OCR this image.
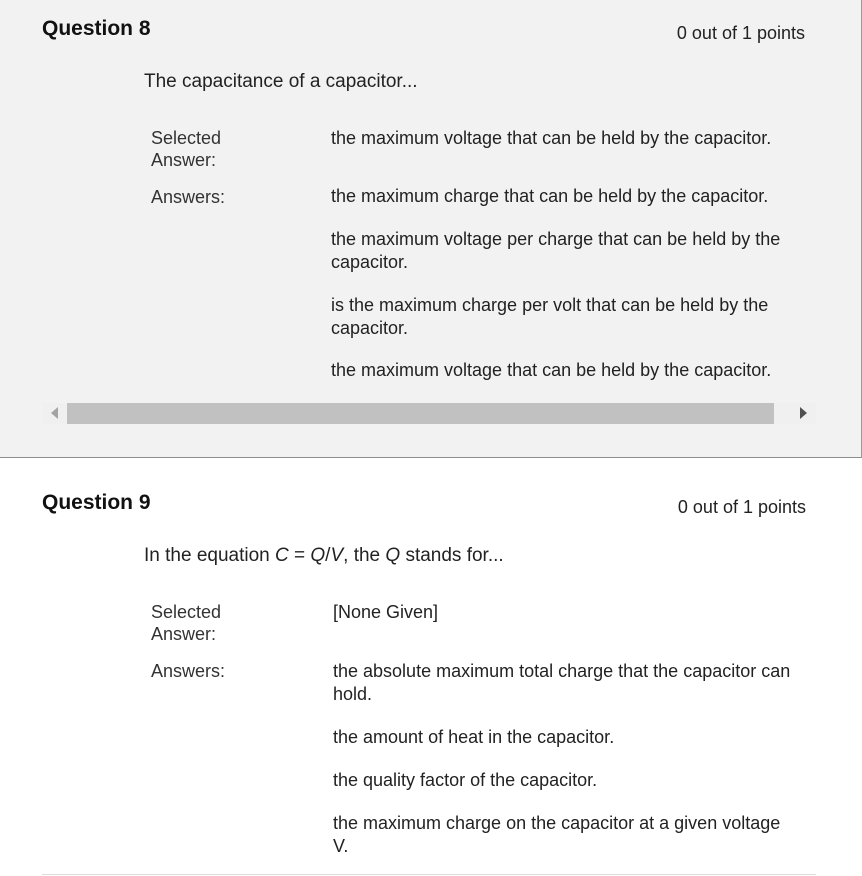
Question 8	0 out of 1 points
The capacitance of a capacitor...
Selected
Answer:
the maximum voltage that can be held by the capacitor.
Answers:	the maximum charge that can be held by the capacitor.
the maximum voltage per charge that can be held by the
capacitor.
is the maximum charge per volt that can be held by the
capacitor.
the maximum voltage that can be held by the capacitor.
Question 9	0 out of 1 points
In the equation C = Q/V, the Q stands for...
Selected
Answer:
[None Given]
Answers:	the absolute maximum total charge that the capacitor can
hold.
the amount of heat in the capacitor.
the quality factor of the capacitor.
the maximum charge on the capacitor at a given voltage
V.
